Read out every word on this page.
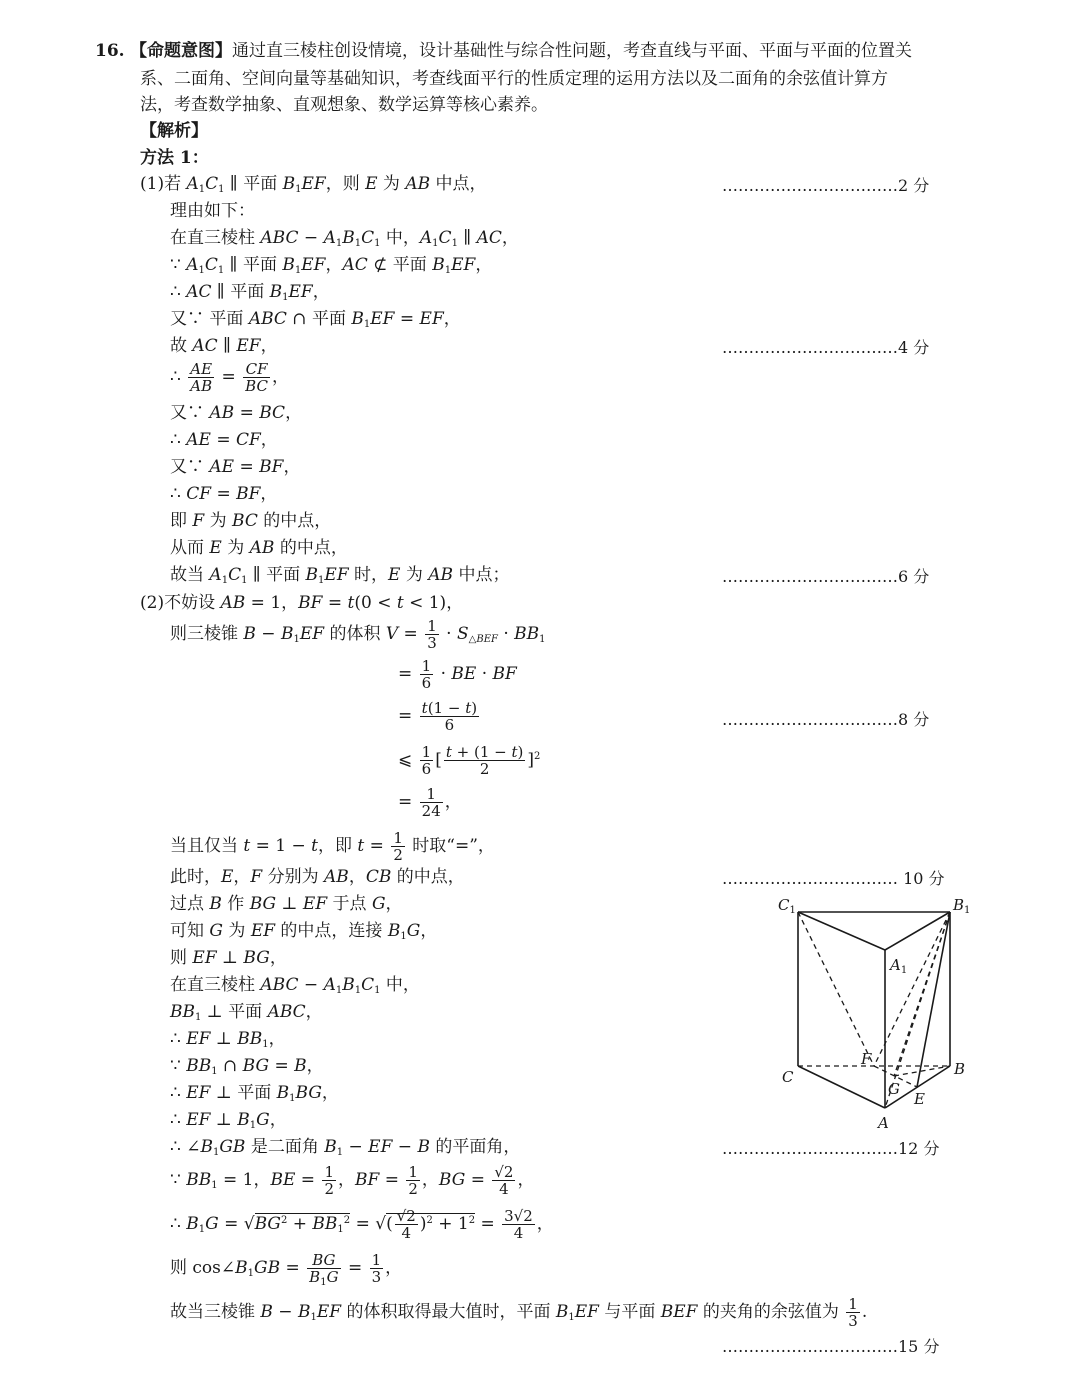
16. 【命题意图】通过直三棱柱创设情境，设计基础性与综合性问题，考查直线与平面、平面与平面的位置关
系、二面角、空间向量等基础知识，考查线面平行的性质定理的运用方法以及二面角的余弦值计算方
法，考查数学抽象、直观想象、数学运算等核心素养。
【解析】
方法 1：
(1)若 $A_1C_1$ ∥ 平面 $B_1EF$，则 E 为 AB 中点，	……………………………2 分
理由如下：
在直三棱柱 ABC − $A_1B_1C_1$ 中，$A_1C_1$ ∥ AC，
∵ $A_1C_1$ ∥ 平面 $B_1EF$，AC ⊄ 平面 $B_1EF$，
∴ AC ∥ 平面 $B_1EF$，
又∵ 平面 ABC ∩ 平面 $B_1EF$ = EF，
故 AC ∥ EF，	……………………………4 分
∴ $\frac{AE}{AB} = \frac{CF}{BC}$ ，
又∵ AB = BC，
∴ AE = CF，
又∵ AE = BF，
∴ CF = BF，
即 F 为 BC 的中点，
从而 E 为 AB 的中点，
故当 $A_1C_1$ ∥ 平面 $B_1EF$ 时，E 为 AB 中点；	……………………………6 分
(2)不妨设 AB = 1，BF = t(0 < t < 1)，
则三棱锥 $B - B_1EF$ 的体积 $V = \frac{1}{3} \cdot S_{\triangle BEF} \cdot BB_1$
= $\frac{1}{6}$ · BE · BF
= $\frac{t(1 - t)}{6}$	……………………………8 分
⩽ $\frac{1}{6}$ [ $\frac{t + (1 - t)}{2} ]^2$
= $\frac{1}{24}$ ，
当且仅当 t = 1 − t，即 $t = \frac{1}{2}$ 时取“=”，
此时，E，F 分别为 AB，CB 的中点，	…………………………… 10 分
过点 B 作 BG ⊥ EF 于点 G，
可知 G 为 EF 的中点，连接 $B_1G$，
则 EF ⊥ BG，
在直三棱柱 ABC − $A_1B_1C_1$ 中，
$BB_1$ ⊥ 平面 ABC，
∴ EF ⊥ $BB_1$，
∵ $BB_1$ ∩ BG = B，
∴ EF ⊥ 平面 $B_1BG$，
∴ EF ⊥ $B_1G$，
∴ $\angle B_1GB$ 是二面角 $B_1$ − EF − B 的平面角，	……………………………12 分
∵ $BB_1 = 1$，BE = $\frac{1}{2}$ ，BF = $\frac{1}{2}$ ，BG = $\frac{√2}{4}$ ，
∴ $B_1G = √BG^2 + BB_1^2$ = √( $\frac{√2}{4} )^2 + 1^2 = \frac{3√2}{4}$ ，
则 $\cos\angle B_1GB = \frac{BG}{B_1G} = \frac{1}{3}$ ，
故当三棱锥 $B - B_1EF$ 的体积取得最大值时，平面 $B_1EF$ 与平面 BEF 的夹角的余弦值为 $\frac{1}{3}$ .
……………………………15 分
$C_1$	$B_1$
$A_1$
F
C	B
G
E
A
